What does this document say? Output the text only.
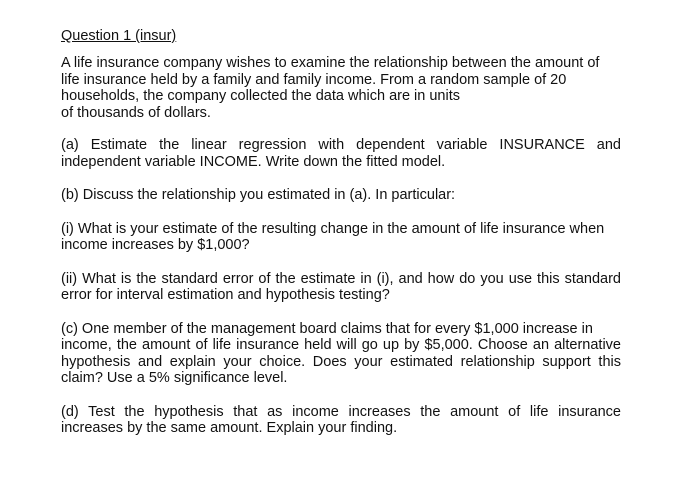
Question 1 (insur)
A life insurance company wishes to examine the relationship between the amount of
life insurance held by a family and family income. From a random sample of 20
households, the company collected the data which are in units
of thousands of dollars.
(a) Estimate the linear regression with dependent variable INSURANCE and
independent variable INCOME. Write down the fitted model.
(b) Discuss the relationship you estimated in (a). In particular:
(i) What is your estimate of the resulting change in the amount of life insurance when
income increases by $1,000?
(ii) What is the standard error of the estimate in (i), and how do you use this standard
error for interval estimation and hypothesis testing?
(c) One member of the management board claims that for every $1,000 increase in
income, the amount of life insurance held will go up by $5,000. Choose an alternative
hypothesis and explain your choice. Does your estimated relationship support this
claim? Use a 5% significance level.
(d) Test the hypothesis that as income increases the amount of life insurance
increases by the same amount. Explain your finding.
